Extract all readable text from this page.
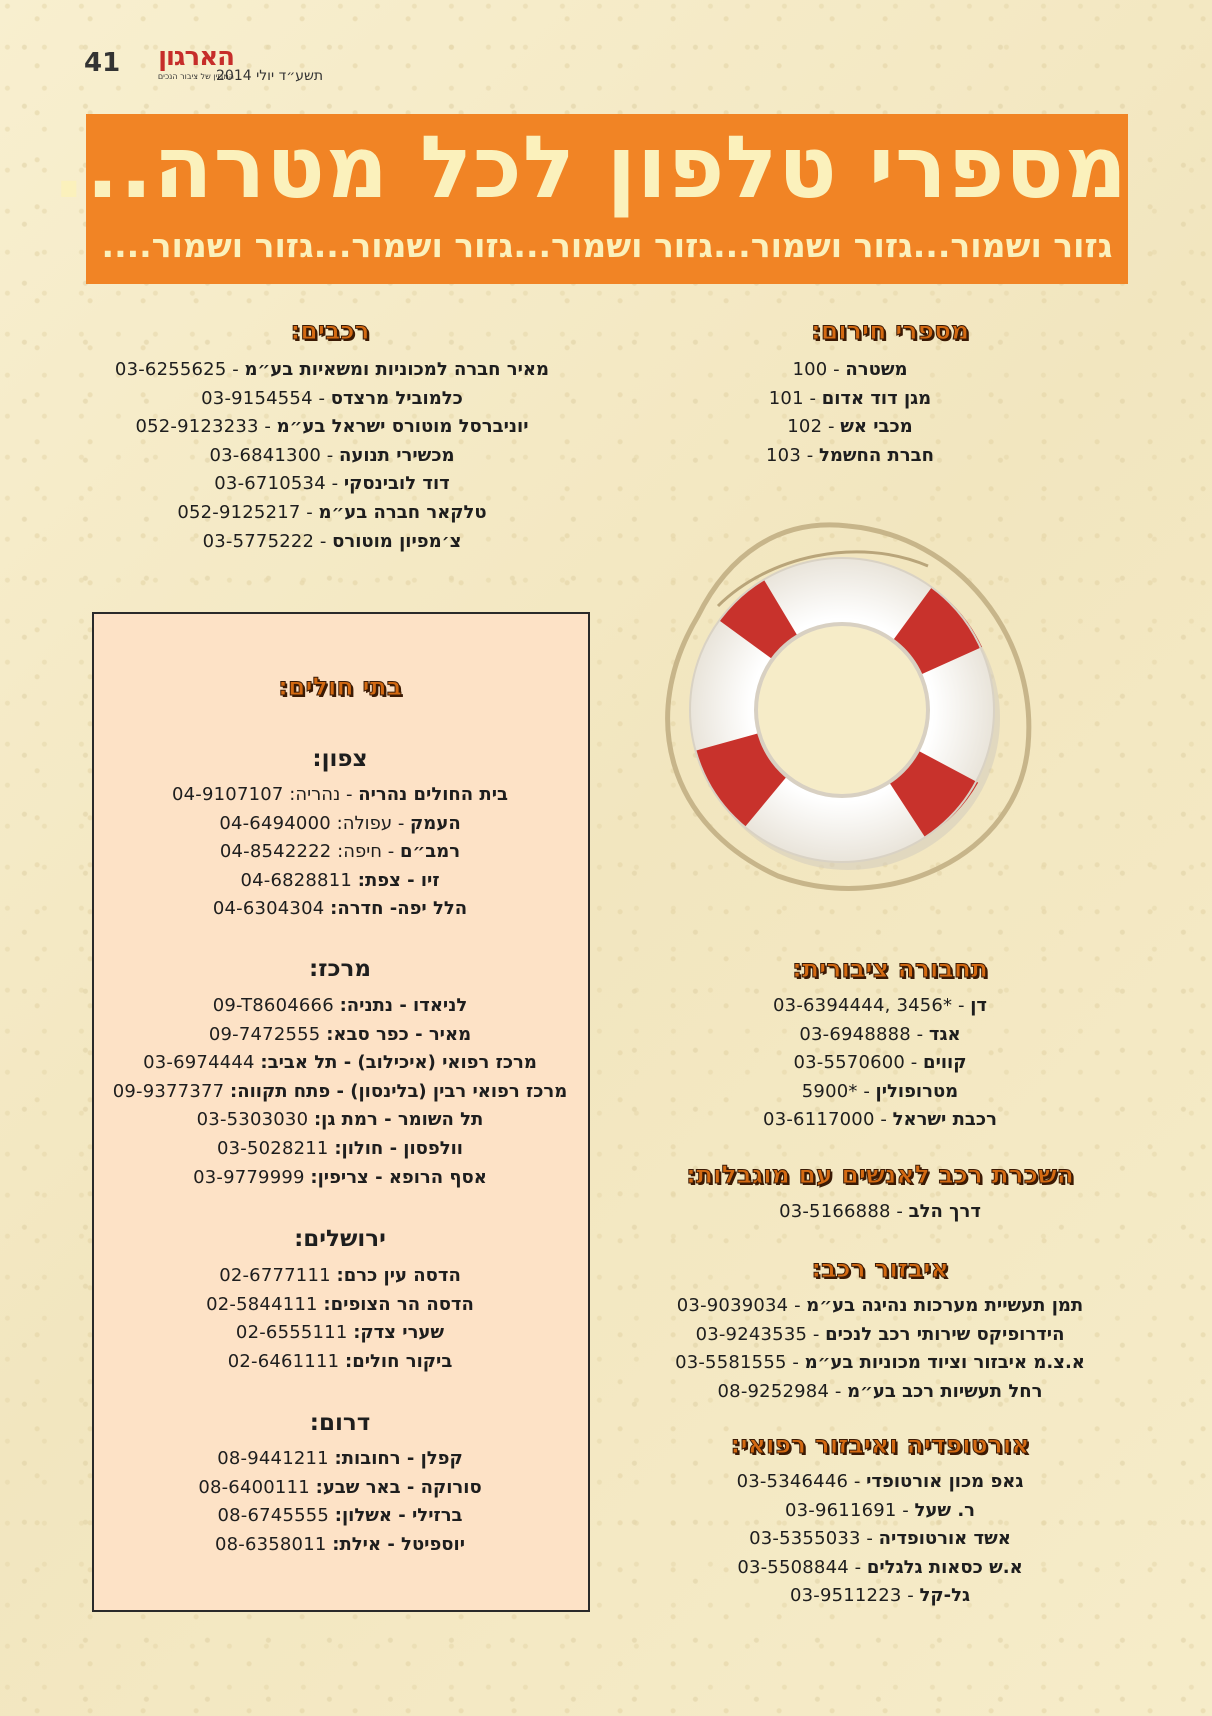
41 הארגון
המגזין של ציבור הנכים
תשע״ד יולי 2014
מספרי טלפון לכל מטרה...
גזור ושמור...גזור ושמור...גזור ושמור...גזור ושמור...גזור ושמור....
מספרי חירום:
משטרה - 100
מגן דוד אדום - 101
מכבי אש - 102
חברת החשמל - 103
רכבים:
מאיר חברה למכוניות ומשאיות בע״מ - 03-6255625
כלמוביל מרצדס - 03-9154554
יוניברסל מוטורס ישראל בע״מ - 052-9123233
מכשירי תנועה - 03-6841300
דוד לובינסקי - 03-6710534
טלקאר חברה בע״מ - 052-9125217
צ׳מפיון מוטורס - 03-5775222
בתי חולים:
צפון:
בית החולים נהריה - נהריה: 04-9107107
העמק - עפולה: 04-6494000
רמב״ם - חיפה: 04-8542222
זיו - צפת: 04-6828811
הלל יפה- חדרה: 04-6304304
מרכז:
לניאדו - נתניה: 09-T8604666
מאיר - כפר סבא: 09-7472555
מרכז רפואי (איכילוב) - תל אביב: 03-6974444
מרכז רפואי רבין (בלינסון) - פתח תקווה: 09-9377377
תל השומר - רמת גן: 03-5303030
וולפסון - חולון: 03-5028211
אסף הרופא - צריפין: 03-9779999
ירושלים:
הדסה עין כרם: 02-6777111
הדסה הר הצופים: 02-5844111
שערי צדק: 02-6555111
ביקור חולים: 02-6461111
דרום:
קפלן - רחובות: 08-9441211
סורוקה - באר שבע: 08-6400111
ברזילי - אשלון: 08-6745555
יוספיטל - אילת: 08-6358011
תחבורה ציבורית:
דן - 03-6394444, 3456*
אגד - 03-6948888
קווים - 03-5570600
מטרופולין - 5900*
רכבת ישראל - 03-6117000
השכרת רכב לאנשים עם מוגבלות:
דרך הלב - 03-5166888
איבזור רכב:
תמן תעשיית מערכות נהיגה בע״מ - 03-9039034
הידרופיקס שירותי רכב לנכים - 03-9243535
א.צ.מ איבזור וציוד מכוניות בע״מ - 03-5581555
רחל תעשיות רכב בע״מ - 08-9252984
אורטופדיה ואיבזור רפואי:
גאפ מכון אורטופדי - 03-5346446
ר. שעל - 03-9611691
אשד אורטופדיה - 03-5355033
א.ש כסאות גלגלים - 03-5508844
גל-קל - 03-9511223
